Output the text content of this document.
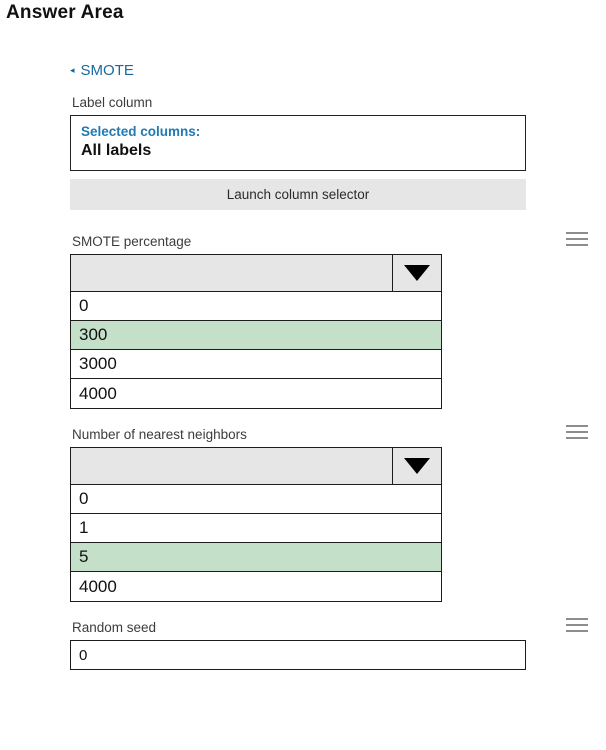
Answer Area
◂ SMOTE
Label column
Selected columns:
All labels
Launch column selector
SMOTE percentage
0
300
3000
4000
Number of nearest neighbors
0
1
5
4000
Random seed
0
